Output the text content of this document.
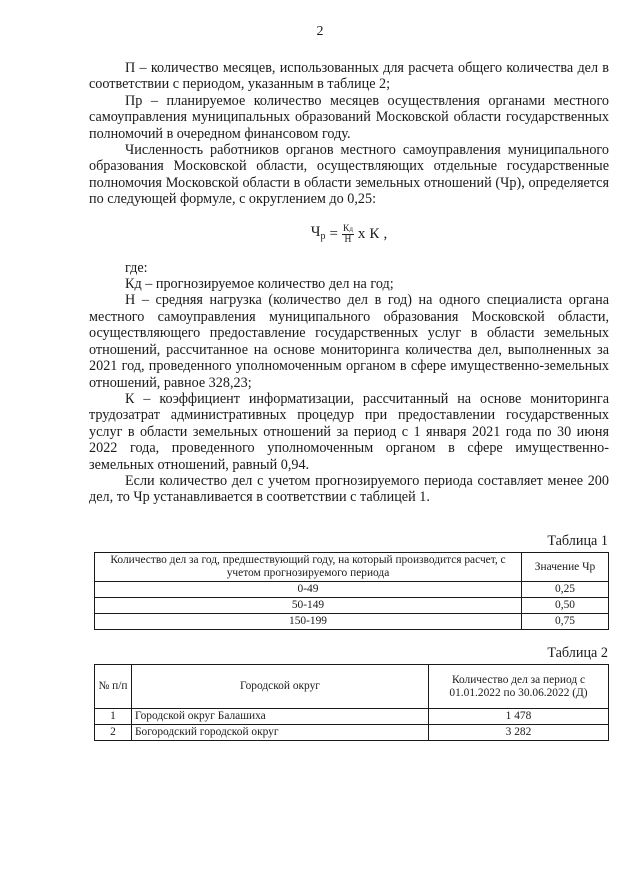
2

П – количество месяцев, использованных для расчета общего количества дел в соответствии с периодом, указанным в таблице 2;

Пр – планируемое количество месяцев осуществления органами местного самоуправления муниципальных образований Московской области государственных полномочий в очередном финансовом году.

Численность работников органов местного самоуправления муниципального образования Московской области, осуществляющих отдельные государственные полномочия Московской области в области земельных отношений (Чр), определяется по следующей формуле, с округлением до 0,25:

$Ч_р = \frac{Кд}{Н}$ х К ,

где:

Кд – прогнозируемое количество дел на год;

Н – средняя нагрузка (количество дел в год) на одного специалиста органа местного самоуправления муниципального образования Московской области, осуществляющего предоставление государственных услуг в области земельных отношений, рассчитанное на основе мониторинга количества дел, выполненных за 2021 год, проведенного уполномоченным органом в сфере имущественно-земельных отношений, равное 328,23;

К – коэффициент информатизации, рассчитанный на основе мониторинга трудозатрат административных процедур при предоставлении государственных услуг в области земельных отношений за период с 1 января 2021 года по 30 июня 2022 года, проведенного уполномоченным органом в сфере имущественно-земельных отношений, равный 0,94.

Если количество дел с учетом прогнозируемого периода составляет менее 200 дел, то Чр устанавливается в соответствии с таблицей 1.

Таблица 1
Количество дел за год, предшествующий году, на который производится расчет, с учетом прогнозируемого периода	Значение Чр
0-49	0,25
50-149	0,50
150-199	0,75
Таблица 2
№ п/п	Городской округ	Количество дел за период с 01.01.2022 по 30.06.2022 (Д)
1	Городской округ Балашиха	1 478
2	Богородский городской округ	3 282
